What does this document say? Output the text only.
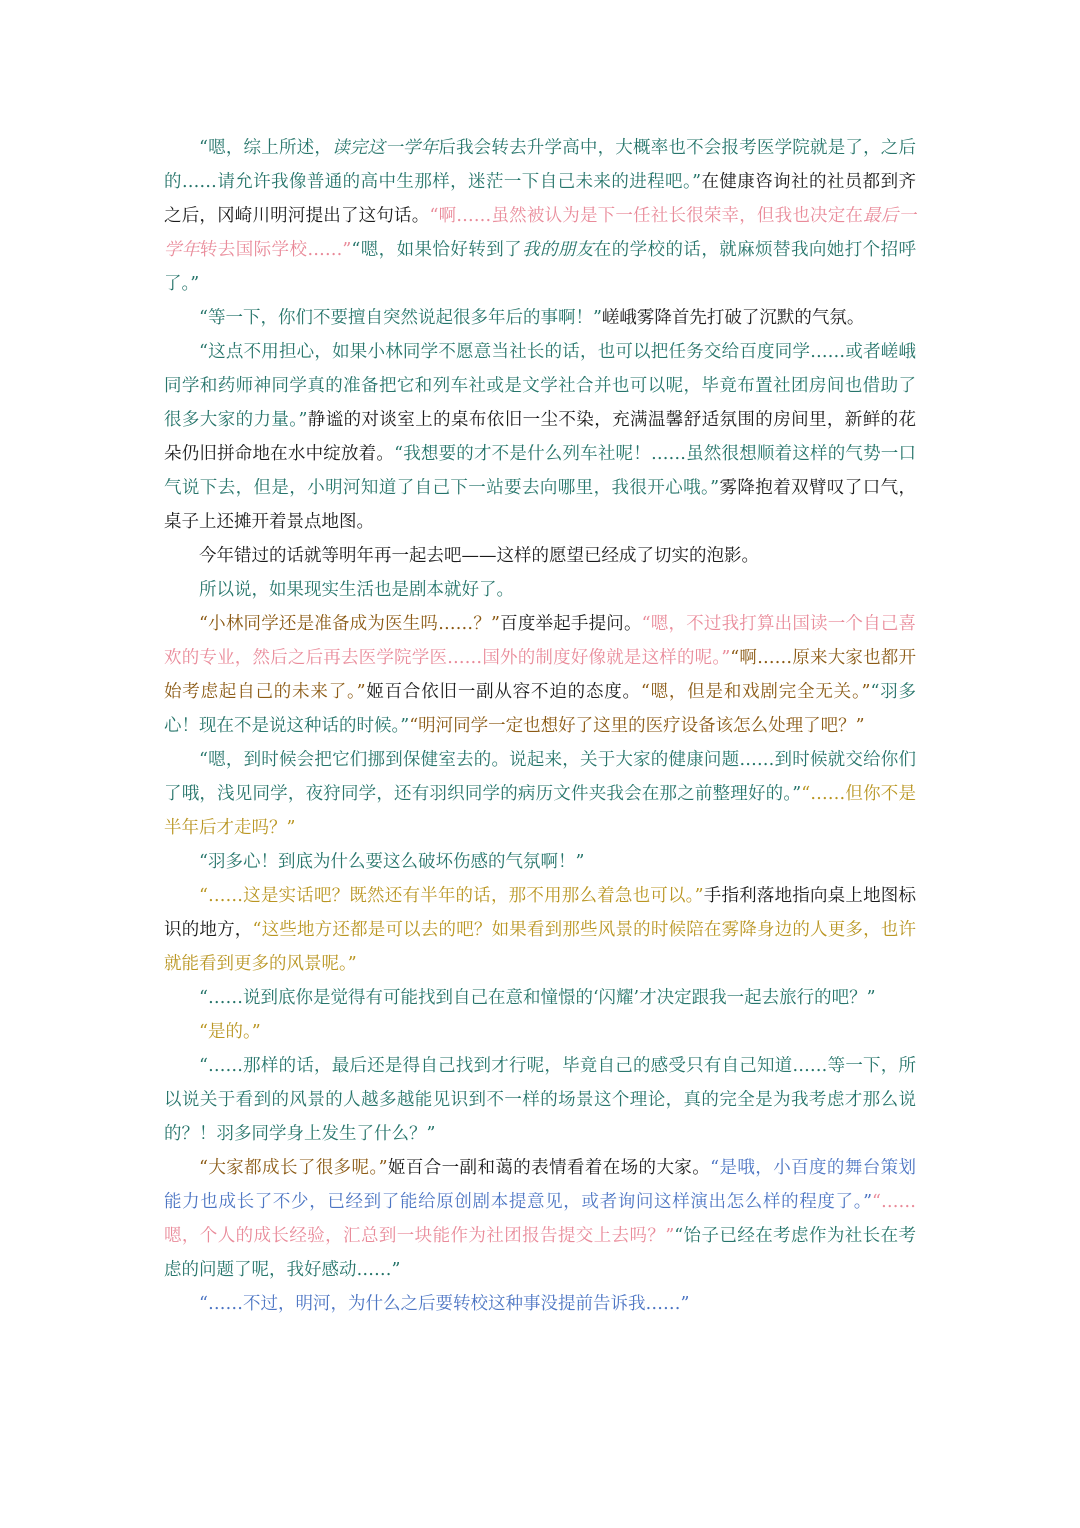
“嗯，综上所述，读完这一学年后我会转去升学高中，大概率也不会报考医学院就是了，之后的……请允许我像普通的高中生那样，迷茫一下自己未来的进程吧。”在健康咨询社的社员都到齐之后，冈崎川明河提出了这句话。“啊……虽然被认为是下一任社长很荣幸，但我也决定在最后一学年转去国际学校……”“嗯，如果恰好转到了我的朋友在的学校的话，就麻烦替我向她打个招呼了。”

“等一下，你们不要擅自突然说起很多年后的事啊！”嵯峨雾降首先打破了沉默的气氛。

“这点不用担心，如果小林同学不愿意当社长的话，也可以把任务交给百度同学……或者嵯峨同学和药师神同学真的准备把它和列车社或是文学社合并也可以呢，毕竟布置社团房间也借助了很多大家的力量。”静谧的对谈室上的桌布依旧一尘不染，充满温馨舒适氛围的房间里，新鲜的花朵仍旧拼命地在水中绽放着。“我想要的才不是什么列车社呢！……虽然很想顺着这样的气势一口气说下去，但是，小明河知道了自己下一站要去向哪里，我很开心哦。”雾降抱着双臂叹了口气，桌子上还摊开着景点地图。

今年错过的话就等明年再一起去吧——这样的愿望已经成了切实的泡影。

所以说，如果现实生活也是剧本就好了。

“小林同学还是准备成为医生吗……？”百度举起手提问。“嗯，不过我打算出国读一个自己喜欢的专业，然后之后再去医学院学医……国外的制度好像就是这样的呢。”“啊……原来大家也都开始考虑起自己的未来了。”姬百合依旧一副从容不迫的态度。“嗯，但是和戏剧完全无关。”“羽多心！现在不是说这种话的时候。”“明河同学一定也想好了这里的医疗设备该怎么处理了吧？”

“嗯，到时候会把它们挪到保健室去的。说起来，关于大家的健康问题……到时候就交给你们了哦，浅见同学，夜狩同学，还有羽织同学的病历文件夹我会在那之前整理好的。”“……但你不是半年后才走吗？”

“羽多心！到底为什么要这么破坏伤感的气氛啊！”

“……这是实话吧？既然还有半年的话，那不用那么着急也可以。”手指利落地指向桌上地图标识的地方，“这些地方还都是可以去的吧？如果看到那些风景的时候陪在雾降身边的人更多，也许就能看到更多的风景呢。”

“……说到底你是觉得有可能找到自己在意和憧憬的‘闪耀’才决定跟我一起去旅行的吧？”

“是的。”

“……那样的话，最后还是得自己找到才行呢，毕竟自己的感受只有自己知道……等一下，所以说关于看到的风景的人越多越能见识到不一样的场景这个理论，真的完全是为我考虑才那么说的？！羽多同学身上发生了什么？”

“大家都成长了很多呢。”姬百合一副和蔼的表情看着在场的大家。“是哦，小百度的舞台策划能力也成长了不少，已经到了能给原创剧本提意见，或者询问这样演出怎么样的程度了。”“……嗯，个人的成长经验，汇总到一块能作为社团报告提交上去吗？”“饴子已经在考虑作为社长在考虑的问题了呢，我好感动……”

“……不过，明河，为什么之后要转校这种事没提前告诉我……”
